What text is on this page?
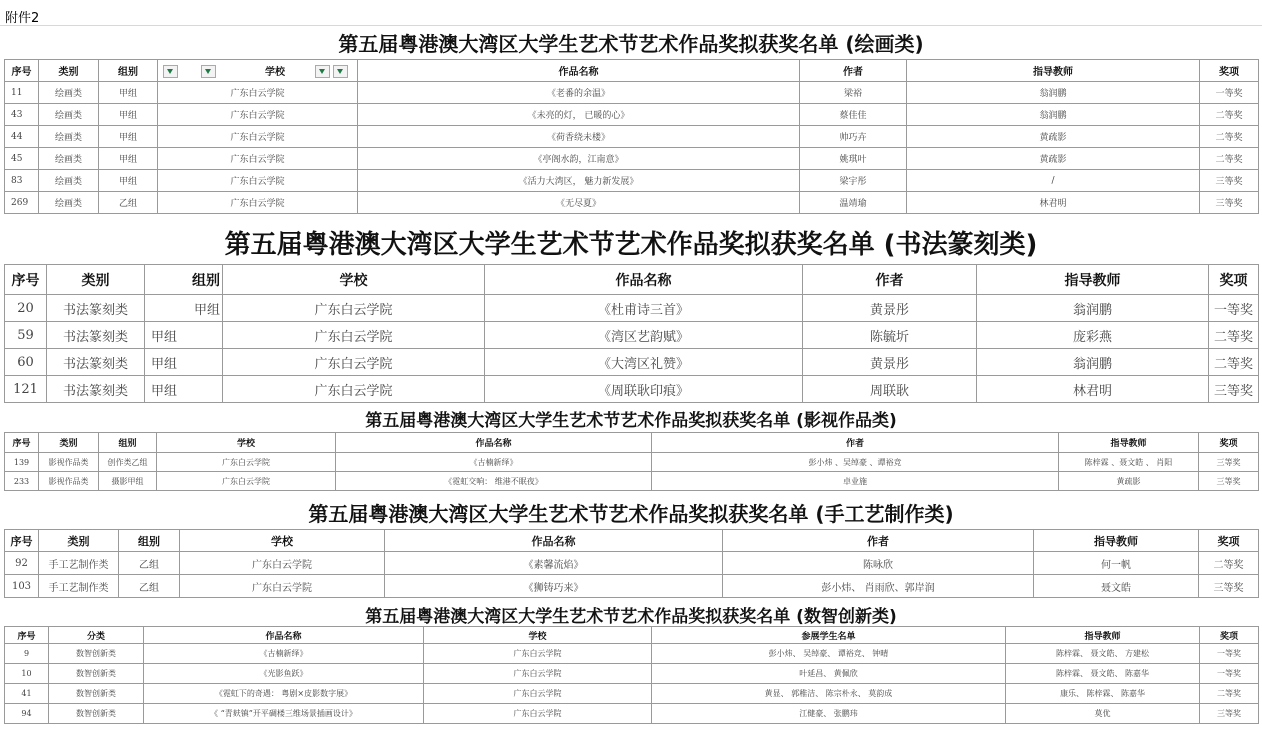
附件2
第五届粤港澳大湾区大学生艺术节艺术作品奖拟获奖名单 (绘画类)
序号	类别	组别	学校	作品名称	作者	指导教师	奖项
11	绘画类	甲组	广东白云学院	《老番的余温》	梁裕	翁润鹏	一等奖
43	绘画类	甲组	广东白云学院	《未亮的灯， 已暖的心》	蔡佳佳	翁润鹏	二等奖
44	绘画类	甲组	广东白云学院	《荷香绕未楼》	帅巧卉	黄疏影	二等奖
45	绘画类	甲组	广东白云学院	《亭阁水韵，江南意》	姚琪叶	黄疏影	二等奖
83	绘画类	甲组	广东白云学院	《活力大湾区， 魅力新发展》	梁宇彤	/	三等奖
269	绘画类	乙组	广东白云学院	《无尽夏》	温靖瑜	林君明	三等奖
第五届粤港澳大湾区大学生艺术节艺术作品奖拟获奖名单 (书法篆刻类)
序号	类别	组别	学校	作品名称	作者	指导教师	奖项
20	书法篆刻类	甲组	广东白云学院	《杜甫诗三首》	黄景彤	翁润鹏	一等奖
59	书法篆刻类	甲组	广东白云学院	《湾区艺韵赋》	陈毓圻	庞彩燕	二等奖
60	书法篆刻类	甲组	广东白云学院	《大湾区礼赞》	黄景彤	翁润鹏	二等奖
121	书法篆刻类	甲组	广东白云学院	《周联耿印痕》	周联耿	林君明	三等奖
第五届粤港澳大湾区大学生艺术节艺术作品奖拟获奖名单 (影视作品类)
序号	类别	组别	学校	作品名称	作者	指导教师	奖项
139	影视作品类	创作类乙组	广东白云学院	《古楠新绎》	彭小炜 、吴绰豪 、谭裕竞	陈梓霖 、聂文皓 、 肖阳	三等奖
233	影视作品类	摄影甲组	广东白云学院	《霓虹交响： 维港不眠夜》	卓业施	黄疏影	三等奖
第五届粤港澳大湾区大学生艺术节艺术作品奖拟获奖名单 (手工艺制作类)
序号	类别	组别	学校	作品名称	作者	指导教师	奖项
92	手工艺制作类	乙组	广东白云学院	《素馨流焰》	陈咏欣	何一帆	二等奖
103	手工艺制作类	乙组	广东白云学院	《狮铸巧来》	彭小炜、 肖雨欣、郭岸润	聂文皓	三等奖
第五届粤港澳大湾区大学生艺术节艺术作品奖拟获奖名单 (数智创新类)
序号	分类	作品名称	学校	参展学生名单	指导教师	奖项
9	数智创新类	《古楠新绎》	广东白云学院	彭小炜、 吴绰豪、 谭裕竞、 钟晴	陈梓霖、 聂文皓、 方建松	一等奖
10	数智创新类	《光影鱼跃》	广东白云学院	叶延昌、 黄佩欣	陈梓霖、 聂文皓、 陈嘉华	一等奖
41	数智创新类	《霓虹下的奇遇： 粤剧×皮影数字展》	广东白云学院	黄显、 郭稚洁、 陈宗朴永、 莫韵成	康乐、 陈梓霖、 陈嘉华	二等奖
94	数智创新类	《 “青麸镇”开平碉楼三维场景插画设计》	广东白云学院	江健豪、 张鹏玮	莫优	三等奖
